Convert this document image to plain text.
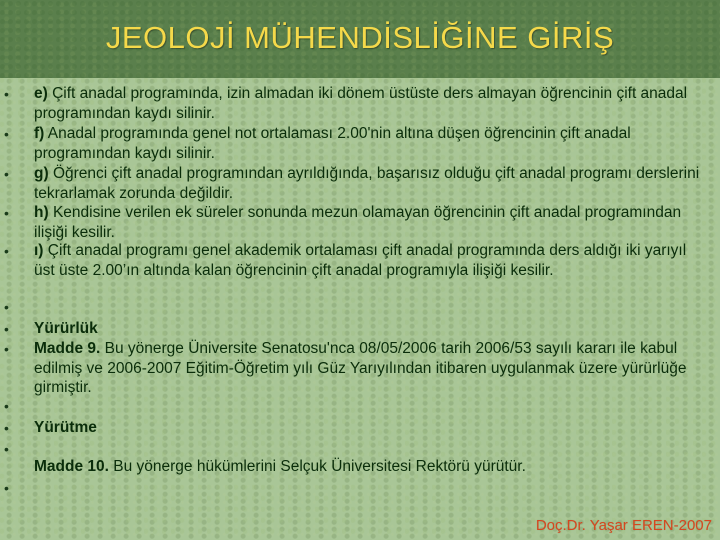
JEOLOJİ MÜHENDİSLİĞİNE GİRİŞ
• e) Çift anadal programında, izin almadan iki dönem üstüste ders almayan öğrencinin çift anadal programından kaydı silinir.
• f) Anadal programında genel not ortalaması 2.00'nin altına düşen öğrencinin çift anadal programından kaydı silinir.
• g) Öğrenci çift anadal programından ayrıldığında, başarısız olduğu çift anadal programı derslerini tekrarlamak zorunda değildir.
• h) Kendisine verilen ek süreler sonunda mezun olamayan öğrencinin çift anadal programından ilişiği kesilir.
• ı) Çift anadal programı genel akademik ortalaması çift anadal programında ders aldığı iki yarıyıl üst üste 2.00’ın altında kalan öğrencinin çift anadal programıyla ilişiği kesilir.
•
• Yürürlük
• Madde 9. Bu yönerge Üniversite Senatosu'nca 08/05/2006 tarih 2006/53 sayılı kararı ile kabul edilmiş ve 2006-2007 Eğitim-Öğretim yılı Güz Yarıyılından itibaren uygulanmak üzere yürürlüğe girmiştir.
•
• Yürütme
•
Madde 10. Bu yönerge hükümlerini Selçuk Üniversitesi Rektörü yürütür.
•
Doç.Dr. Yaşar EREN-2007
